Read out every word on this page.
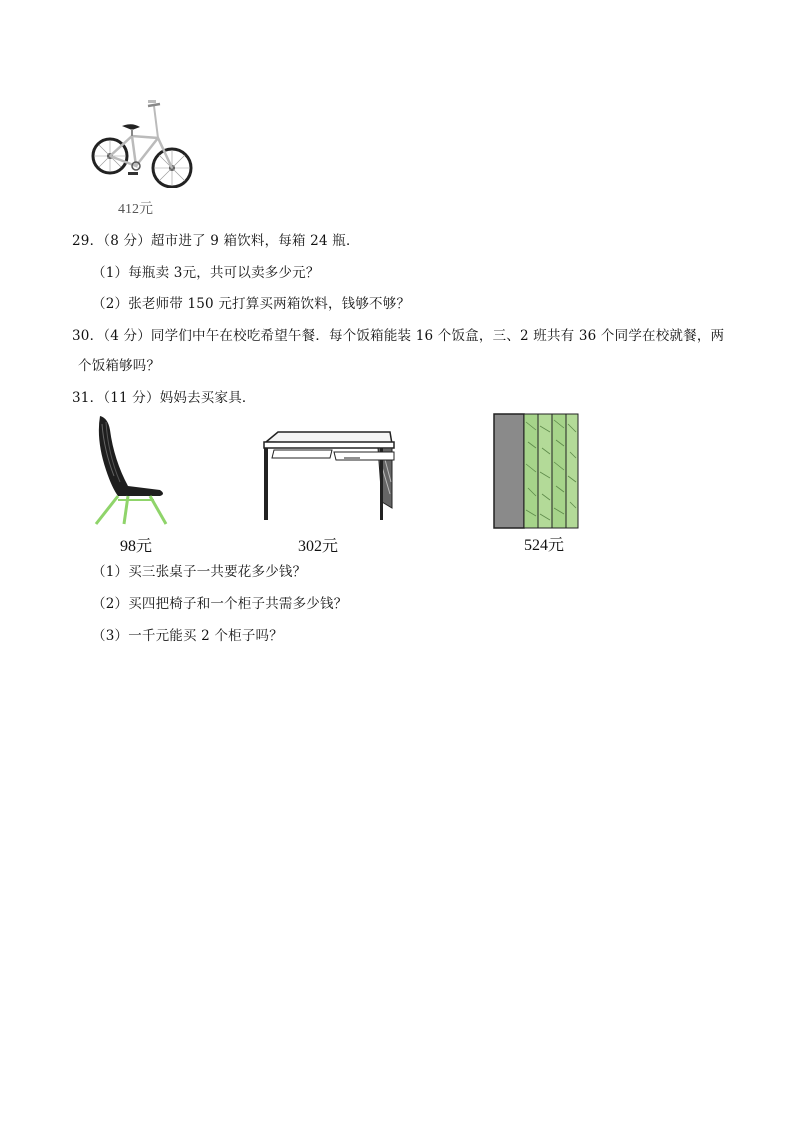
412元
29．（8 分）超市进了 9 箱饮料，每箱 24 瓶．
（1）每瓶卖 3元，共可以卖多少元？
（2）张老师带 150 元打算买两箱饮料，钱够不够？
30．（4 分）同学们中午在校吃希望午餐．每个饭箱能装 16 个饭盒，三、2 班共有 36 个同学在校就餐，两
个饭箱够吗？
31．（11 分）妈妈去买家具．
98元	302元	524元
（1）买三张桌子一共要花多少钱？
（2）买四把椅子和一个柜子共需多少钱？
（3）一千元能买 2 个柜子吗？
